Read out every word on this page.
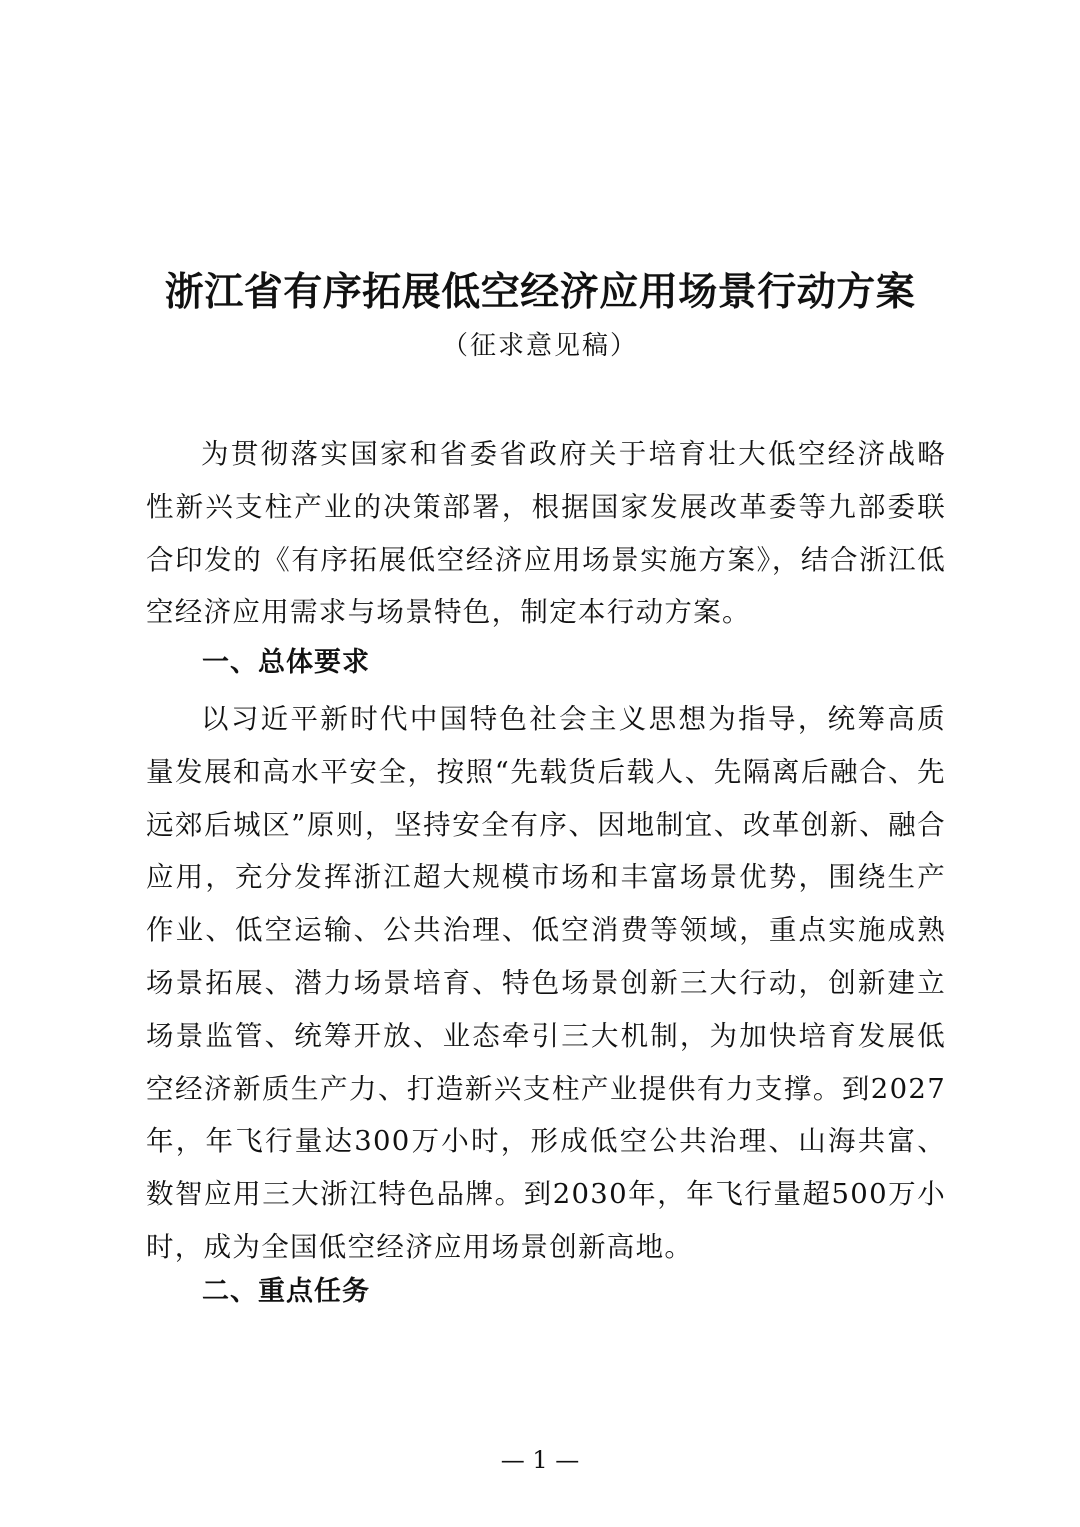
浙江省有序拓展低空经济应用场景行动方案
（征求意见稿）

为贯彻落实国家和省委省政府关于培育壮大低空经济战略性新兴支柱产业的决策部署，根据国家发展改革委等九部委联合印发的《有序拓展低空经济应用场景实施方案》，结合浙江低空经济应用需求与场景特色，制定本行动方案。

一、总体要求

以习近平新时代中国特色社会主义思想为指导，统筹高质量发展和高水平安全，按照“先载货后载人、先隔离后融合、先远郊后城区”原则，坚持安全有序、因地制宜、改革创新、融合应用，充分发挥浙江超大规模市场和丰富场景优势，围绕生产作业、低空运输、公共治理、低空消费等领域，重点实施成熟场景拓展、潜力场景培育、特色场景创新三大行动，创新建立场景监管、统筹开放、业态牵引三大机制，为加快培育发展低空经济新质生产力、打造新兴支柱产业提供有力支撑。到2027年，年飞行量达300万小时，形成低空公共治理、山海共富、数智应用三大浙江特色品牌。到2030年，年飞行量超500万小时，成为全国低空经济应用场景创新高地。

二、重点任务
— 1 —
